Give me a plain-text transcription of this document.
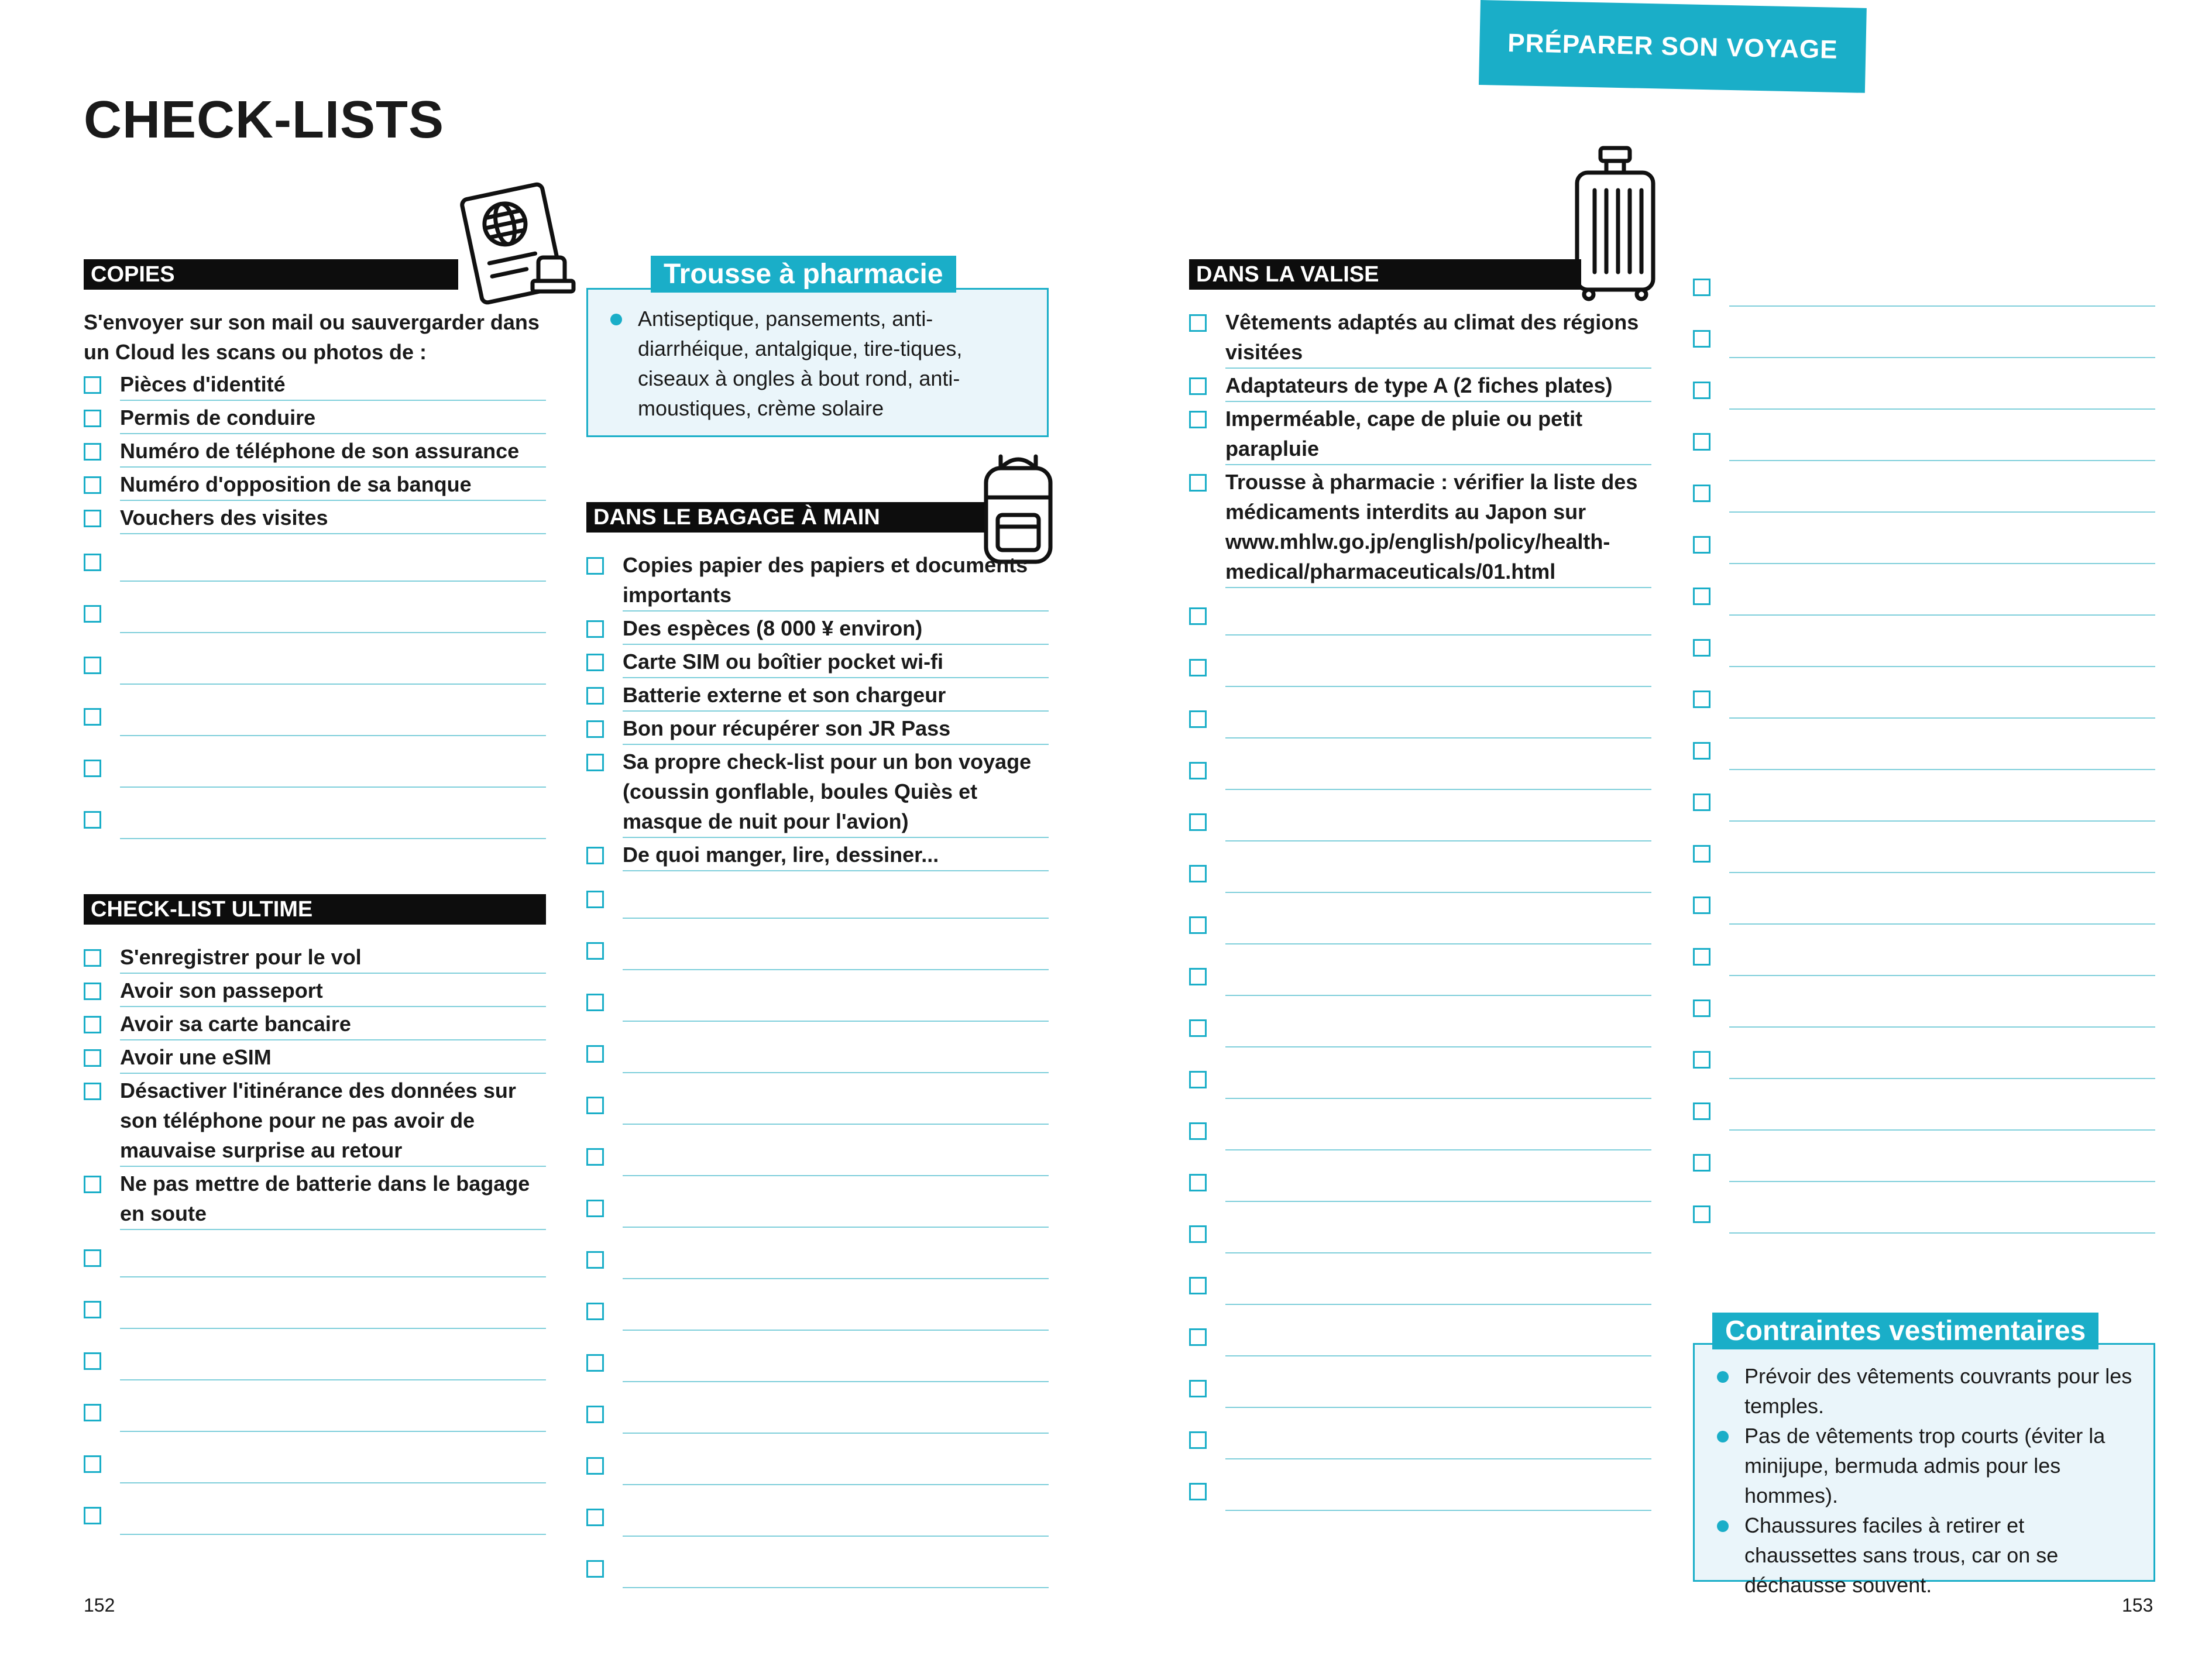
PRÉPARER SON VOYAGE
CHECK-LISTS
COPIES
S'envoyer sur son mail ou sauvergarder dans un Cloud les scans ou photos de :
Pièces d'identité
Permis de conduire
Numéro de téléphone de son assurance
Numéro d'opposition de sa banque
Vouchers des visites
CHECK-LIST ULTIME
S'enregistrer pour le vol
Avoir son passeport
Avoir sa carte bancaire
Avoir une eSIM
Désactiver l'itinérance des données sur son téléphone pour ne pas avoir de mauvaise surprise au retour
Ne pas mettre de batterie dans le bagage en soute
Antiseptique, pansements, anti-diarrhéique, antalgique, tire-tiques, ciseaux à ongles à bout rond, anti-moustiques, crème solaire
Trousse à pharmacie
DANS LE BAGAGE À MAIN
Copies papier des papiers et documents importants
Des espèces (8 000 ¥ environ)
Carte SIM ou boîtier pocket wi-fi
Batterie externe et son chargeur
Bon pour récupérer son JR Pass
Sa propre check-list pour un bon voyage (coussin gonflable, boules Quiès et masque de nuit pour l'avion)
De quoi manger, lire, dessiner...
DANS LA VALISE
Vêtements adaptés au climat des régions visitées
Adaptateurs de type A (2 fiches plates)
Imperméable, cape de pluie ou petit parapluie
Trousse à pharmacie : vérifier la liste des médicaments interdits au Japon sur www.mhlw.go.jp/english/policy/health-medical/pharmaceuticals/01.html
Prévoir des vêtements couvrants pour les temples.
Pas de vêtements trop courts (éviter la minijupe, bermuda admis pour les hommes).
Chaussures faciles à retirer et chaussettes sans trous, car on se déchausse souvent.
Contraintes vestimentaires
152	153
